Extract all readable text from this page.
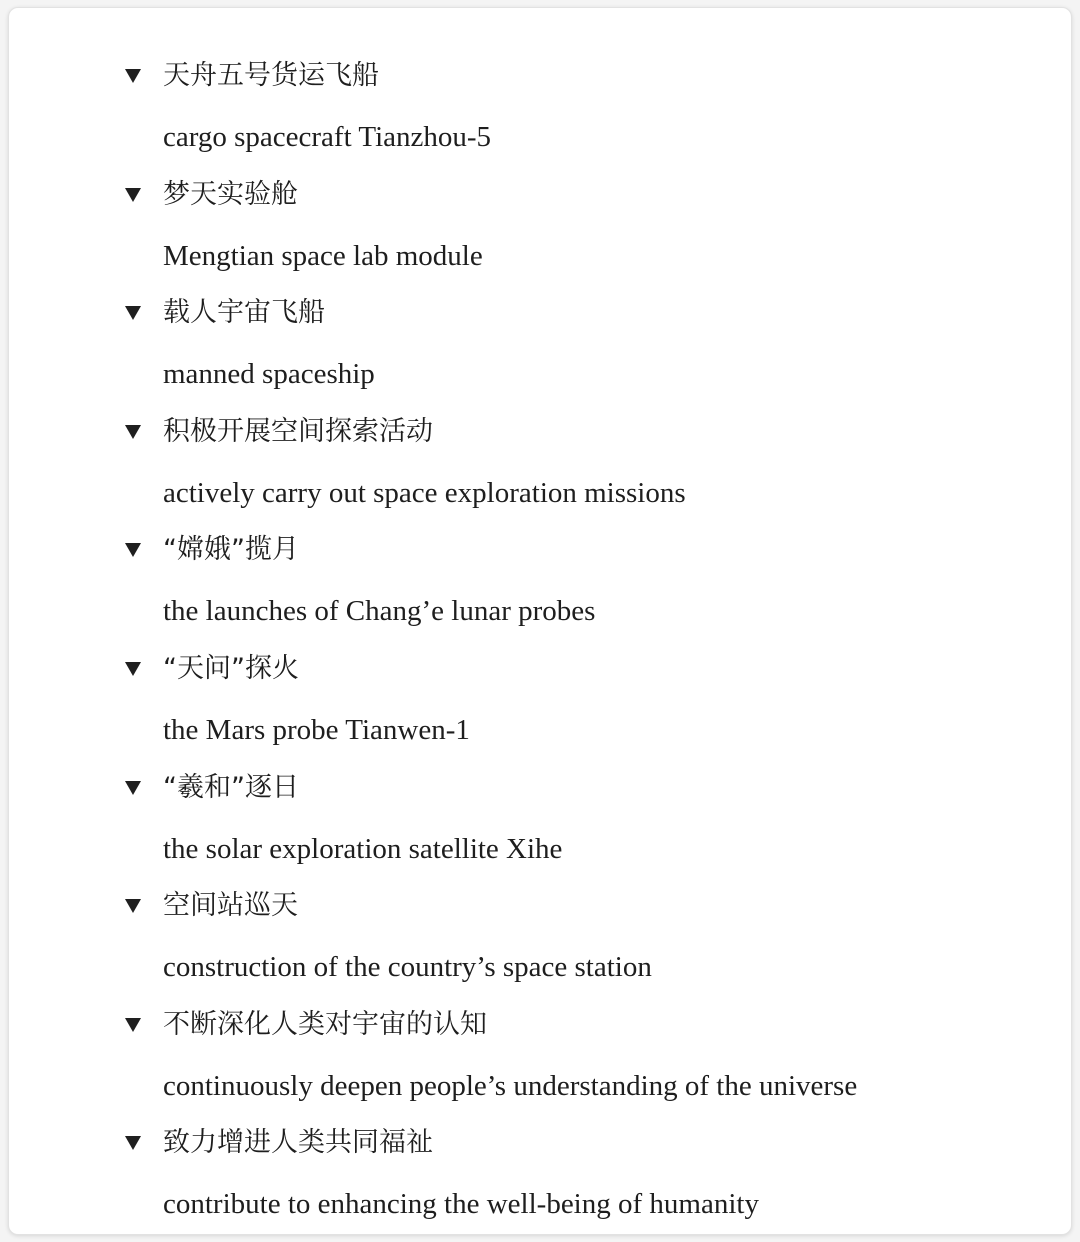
天舟五号货运飞船
cargo spacecraft Tianzhou-5
梦天实验舱
Mengtian space lab module
载人宇宙飞船
manned spaceship
积极开展空间探索活动
actively carry out space exploration missions
“嫦娥”揽月
the launches of Chang’e lunar probes
“天问”探火
the Mars probe Tianwen-1
“羲和”逐日
the solar exploration satellite Xihe
空间站巡天
construction of the country’s space station
不断深化人类对宇宙的认知
continuously deepen people’s understanding of the universe
致力增进人类共同福祉
contribute to enhancing the well-being of humanity
